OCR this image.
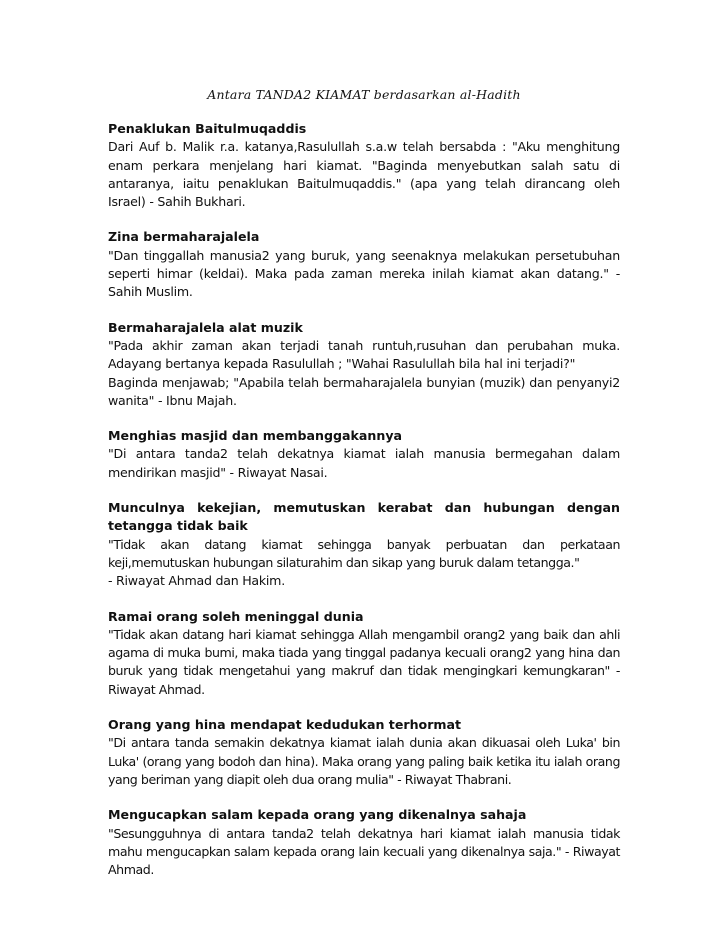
Antara TANDA2 KIAMAT berdasarkan al-Hadith

Penaklukan Baitulmuqaddis

Dari Auf b. Malik r.a. katanya,Rasulullah s.a.w telah bersabda : "Aku menghitung enam perkara menjelang hari kiamat. "Baginda menyebutkan salah satu di antaranya, iaitu penaklukan Baitulmuqaddis." (apa yang telah dirancang oleh Israel) - Sahih Bukhari.

Zina bermaharajalela

"Dan tinggallah manusia2 yang buruk, yang seenaknya melakukan persetubuhan seperti himar (keldai). Maka pada zaman mereka inilah kiamat akan datang." - Sahih Muslim.

Bermaharajalela alat muzik

"Pada akhir zaman akan terjadi tanah runtuh,rusuhan dan perubahan muka. Adayang bertanya kepada Rasulullah ; "Wahai Rasulullah bila hal ini terjadi?"

Baginda menjawab; "Apabila telah bermaharajalela bunyian (muzik) dan penyanyi2 wanita" - Ibnu Majah.

Menghias masjid dan membanggakannya

"Di antara tanda2 telah dekatnya kiamat ialah manusia bermegahan dalam mendirikan masjid" - Riwayat Nasai.

Munculnya kekejian, memutuskan kerabat dan hubungan dengan tetangga tidak baik

"Tidak akan datang kiamat sehingga banyak perbuatan dan perkataan keji,memutuskan hubungan silaturahim dan sikap yang buruk dalam tetangga."

- Riwayat Ahmad dan Hakim.

Ramai orang soleh meninggal dunia

"Tidak akan datang hari kiamat sehingga Allah mengambil orang2 yang baik dan ahli agama di muka bumi, maka tiada yang tinggal padanya kecuali orang2 yang hina dan buruk yang tidak mengetahui yang makruf dan tidak mengingkari kemungkaran" - Riwayat Ahmad.

Orang yang hina mendapat kedudukan terhormat

"Di antara tanda semakin dekatnya kiamat ialah dunia akan dikuasai oleh Luka' bin Luka' (orang yang bodoh dan hina). Maka orang yang paling baik ketika itu ialah orang yang beriman yang diapit oleh dua orang mulia" - Riwayat Thabrani.

Mengucapkan salam kepada orang yang dikenalnya sahaja

"Sesungguhnya di antara tanda2 telah dekatnya hari kiamat ialah manusia tidak mahu mengucapkan salam kepada orang lain kecuali yang dikenalnya saja." - Riwayat Ahmad.
